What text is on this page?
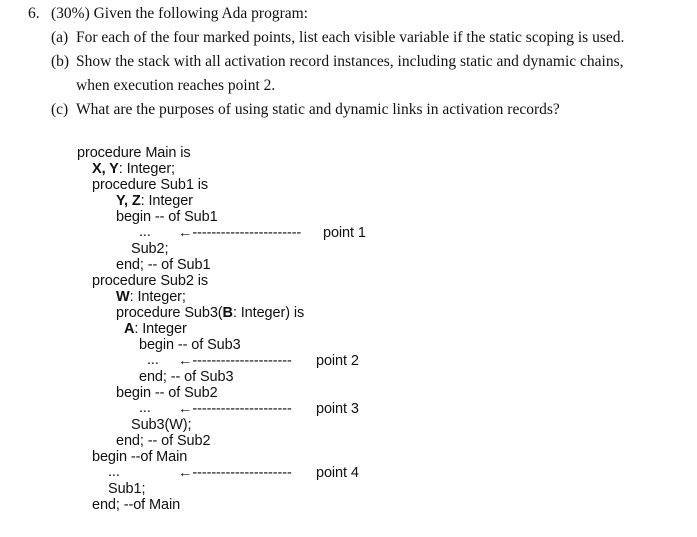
6. (30%) Given the following Ada program:
(a) For each of the four marked points, list each visible variable if the static scoping is used.
(b) Show the stack with all activation record instances, including static and dynamic chains,
when execution reaches point 2.
(c) What are the purposes of using static and dynamic links in activation records?
procedure Main is
X, Y: Integer;
procedure Sub1 is
Y, Z: Integer
begin -- of Sub1
... ←----------------------- point 1
Sub2;
end; -- of Sub1
procedure Sub2 is
W: Integer;
procedure Sub3(B: Integer) is
A: Integer
begin -- of Sub3
... ←--------------------- point 2
end; -- of Sub3
begin -- of Sub2
... ←--------------------- point 3
Sub3(W);
end; -- of Sub2
begin --of Main
...	←--------------------- point 4
Sub1;
end; --of Main
